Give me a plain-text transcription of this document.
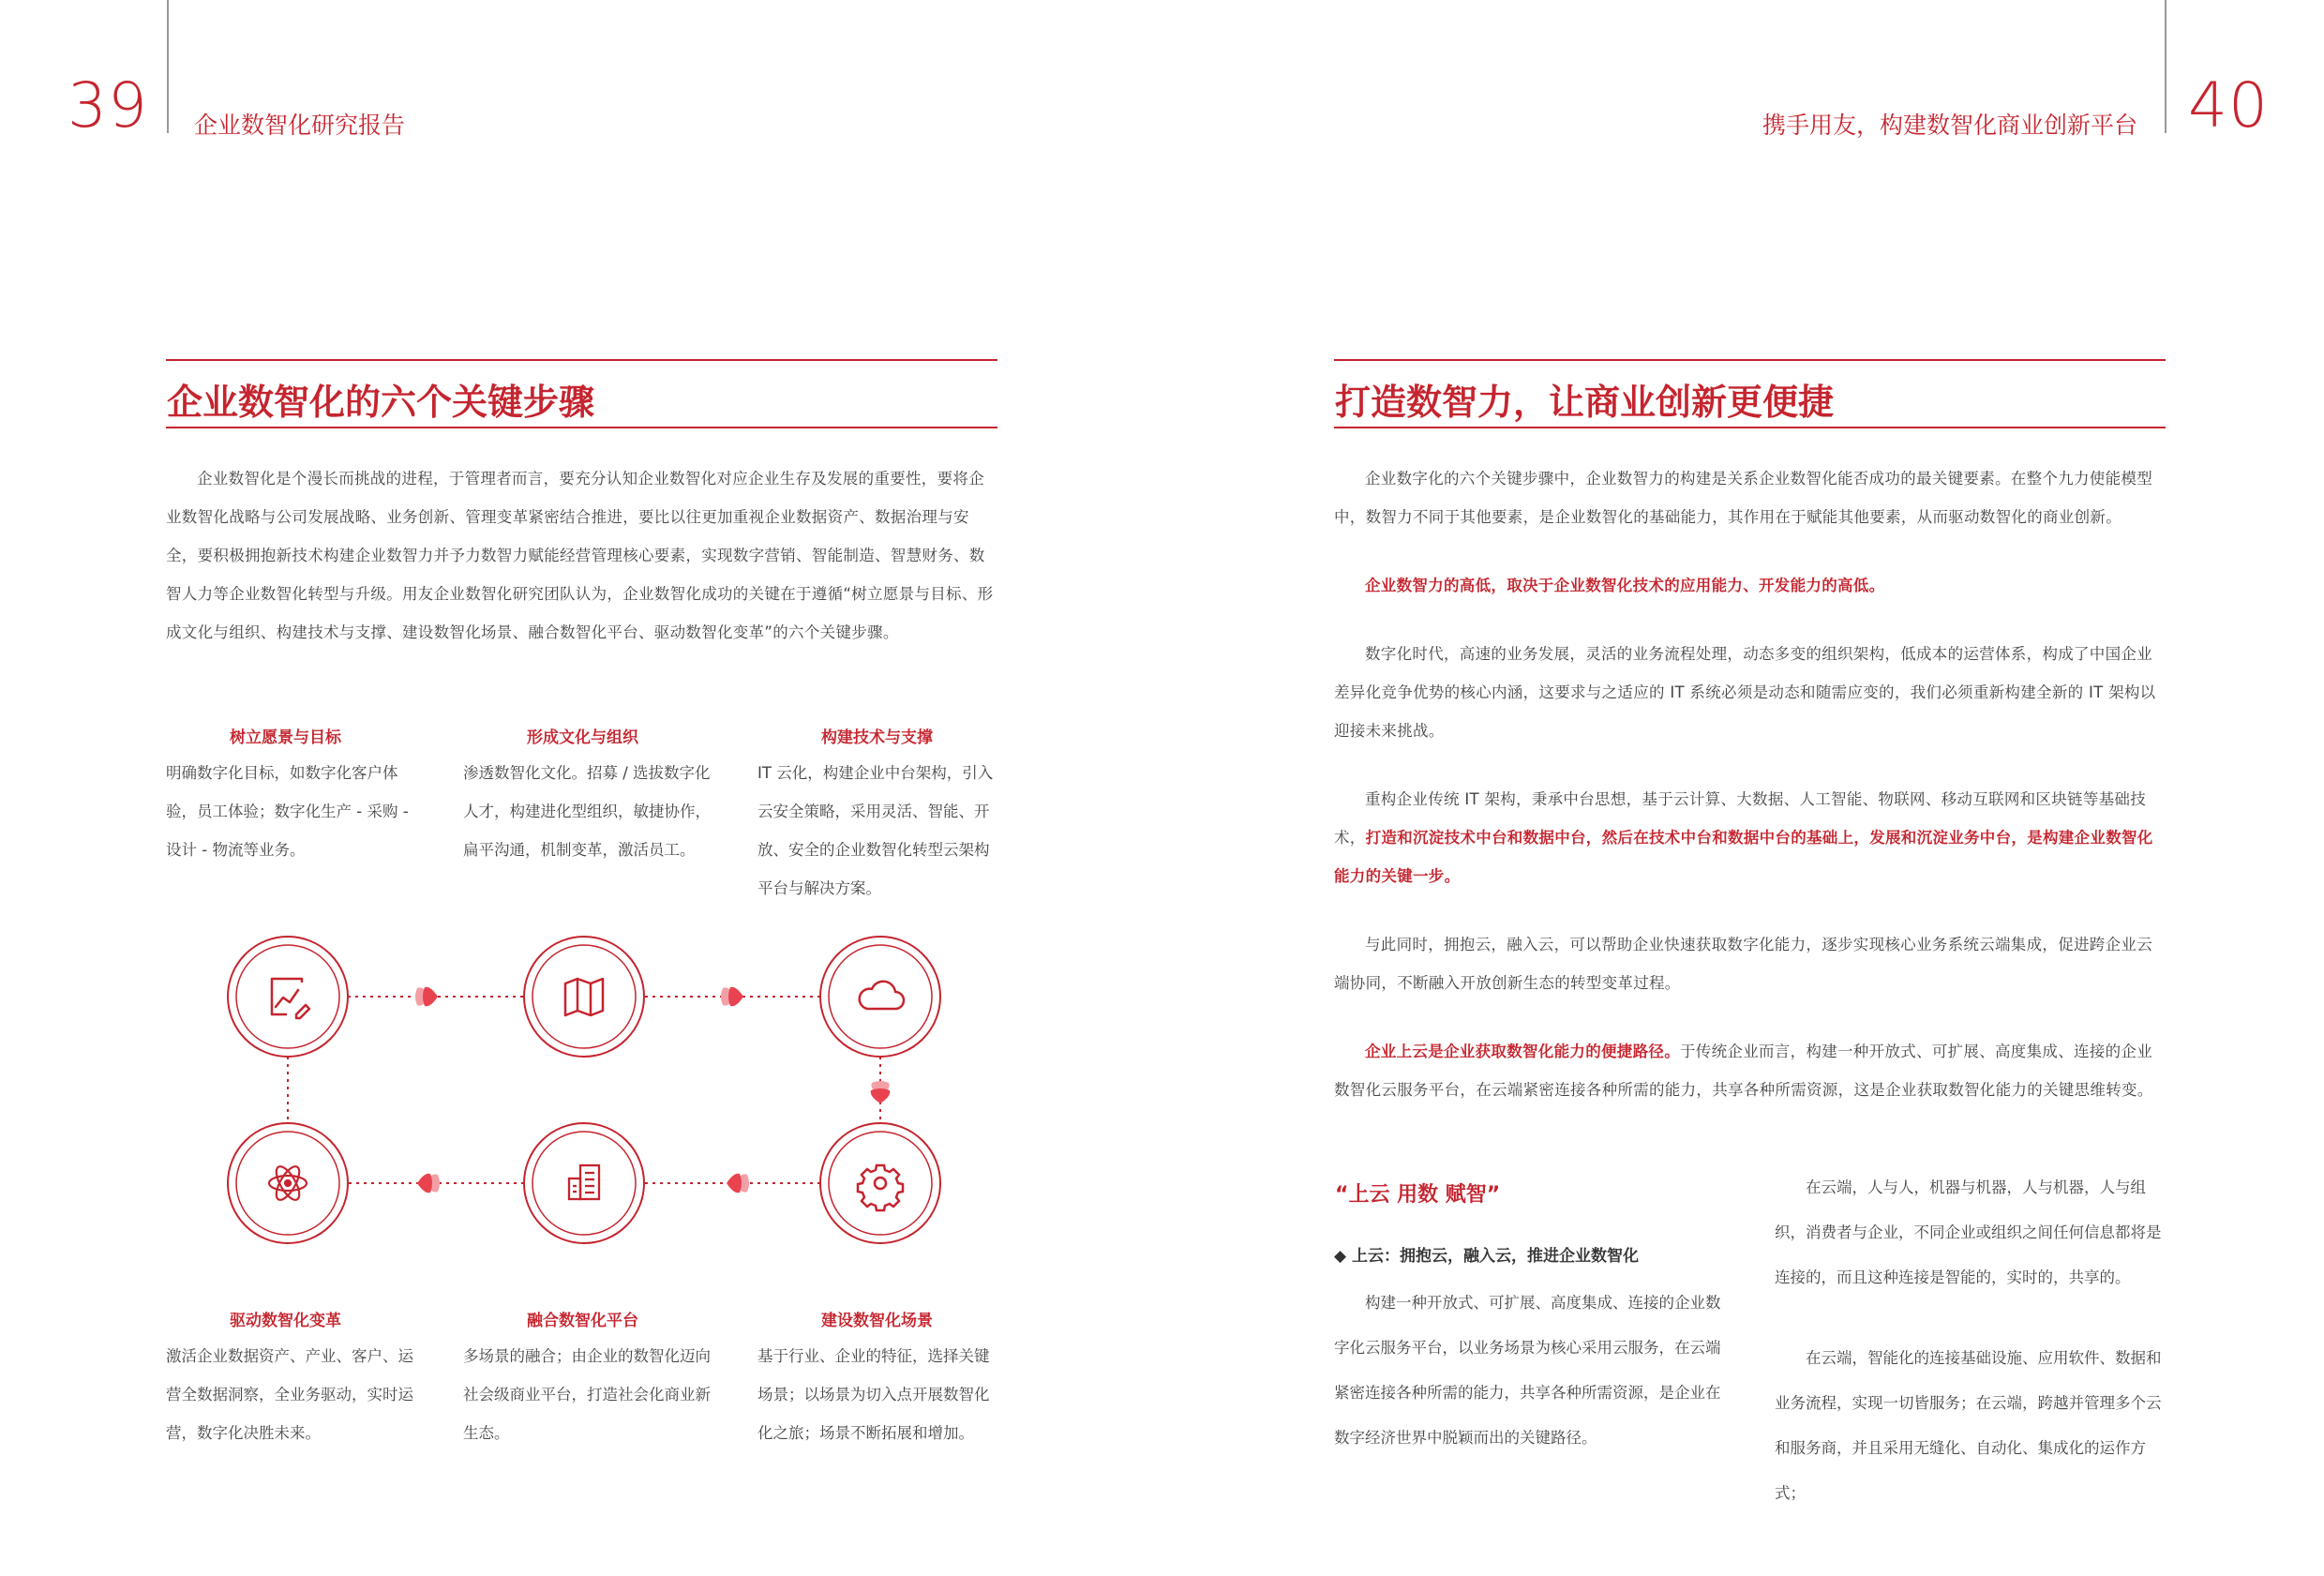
39 企业数智化研究报告
企业数智化的六个关键步骤

企业数智化是个漫长而挑战的进程，于管理者而言，要充分认知企业数智化对应企业生存及发展的重要性，要将企业数智化战略与公司发展战略、业务创新、管理变革紧密结合推进，要比以往更加重视企业数据资产、数据治理与安全，要积极拥抱新技术构建企业数智力并予力数智力赋能经营管理核心要素，实现数字营销、智能制造、智慧财务、数智人力等企业数智化转型与升级。用友企业数智化研究团队认为，企业数智化成功的关键在于遵循“树立愿景与目标、形成文化与组织、构建技术与支撑、建设数智化场景、融合数智化平台、驱动数智化变革”的六个关键步骤。

树立愿景与目标
明确数字化目标，如数字化客户体验，员工体验；数字化生产 - 采购 - 设计 - 物流等业务。
形成文化与组织
渗透数智化文化。招募 / 选拔数字化人才，构建进化型组织，敏捷协作，扁平沟通，机制变革，激活员工。
构建技术与支撑
IT 云化，构建企业中台架构，引入云安全策略，采用灵活、智能、开放、安全的企业数智化转型云架构平台与解决方案。
驱动数智化变革
激活企业数据资产、产业、客户、运营全数据洞察，全业务驱动，实时运营，数字化决胜未来。
融合数智化平台
多场景的融合；由企业的数智化迈向社会级商业平台，打造社会化商业新生态。
建设数智化场景
基于行业、企业的特征，选择关键场景；以场景为切入点开展数智化化之旅；场景不断拓展和增加。
携手用友，构建数智化商业创新平台 40
打造数智力，让商业创新更便捷

企业数字化的六个关键步骤中，企业数智力的构建是关系企业数智化能否成功的最关键要素。在整个九力使能模型中，数智力不同于其他要素，是企业数智化的基础能力，其作用在于赋能其他要素，从而驱动数智化的商业创新。

企业数智力的高低，取决于企业数智化技术的应用能力、开发能力的高低。

数字化时代，高速的业务发展，灵活的业务流程处理，动态多变的组织架构，低成本的运营体系，构成了中国企业差异化竞争优势的核心内涵，这要求与之适应的 IT 系统必须是动态和随需应变的，我们必须重新构建全新的 IT 架构以迎接未来挑战。

重构企业传统 IT 架构，秉承中台思想，基于云计算、大数据、人工智能、物联网、移动互联网和区块链等基础技术，打造和沉淀技术中台和数据中台，然后在技术中台和数据中台的基础上，发展和沉淀业务中台，是构建企业数智化能力的关键一步。

与此同时，拥抱云，融入云，可以帮助企业快速获取数字化能力，逐步实现核心业务系统云端集成，促进跨企业云端协同，不断融入开放创新生态的转型变革过程。

企业上云是企业获取数智化能力的便捷路径。于传统企业而言，构建一种开放式、可扩展、高度集成、连接的企业数智化云服务平台，在云端紧密连接各种所需的能力，共享各种所需资源，这是企业获取数智化能力的关键思维转变。

“上云 用数 赋智”
◆ 上云：拥抱云，融入云，推进企业数智化

构建一种开放式、可扩展、高度集成、连接的企业数字化云服务平台，以业务场景为核心采用云服务，在云端紧密连接各种所需的能力，共享各种所需资源，是企业在数字经济世界中脱颖而出的关键路径。

在云端，人与人，机器与机器，人与机器，人与组织，消费者与企业，不同企业或组织之间任何信息都将是连接的，而且这种连接是智能的，实时的，共享的。

在云端，智能化的连接基础设施、应用软件、数据和业务流程，实现一切皆服务；在云端，跨越并管理多个云和服务商，并且采用无缝化、自动化、集成化的运作方式；
